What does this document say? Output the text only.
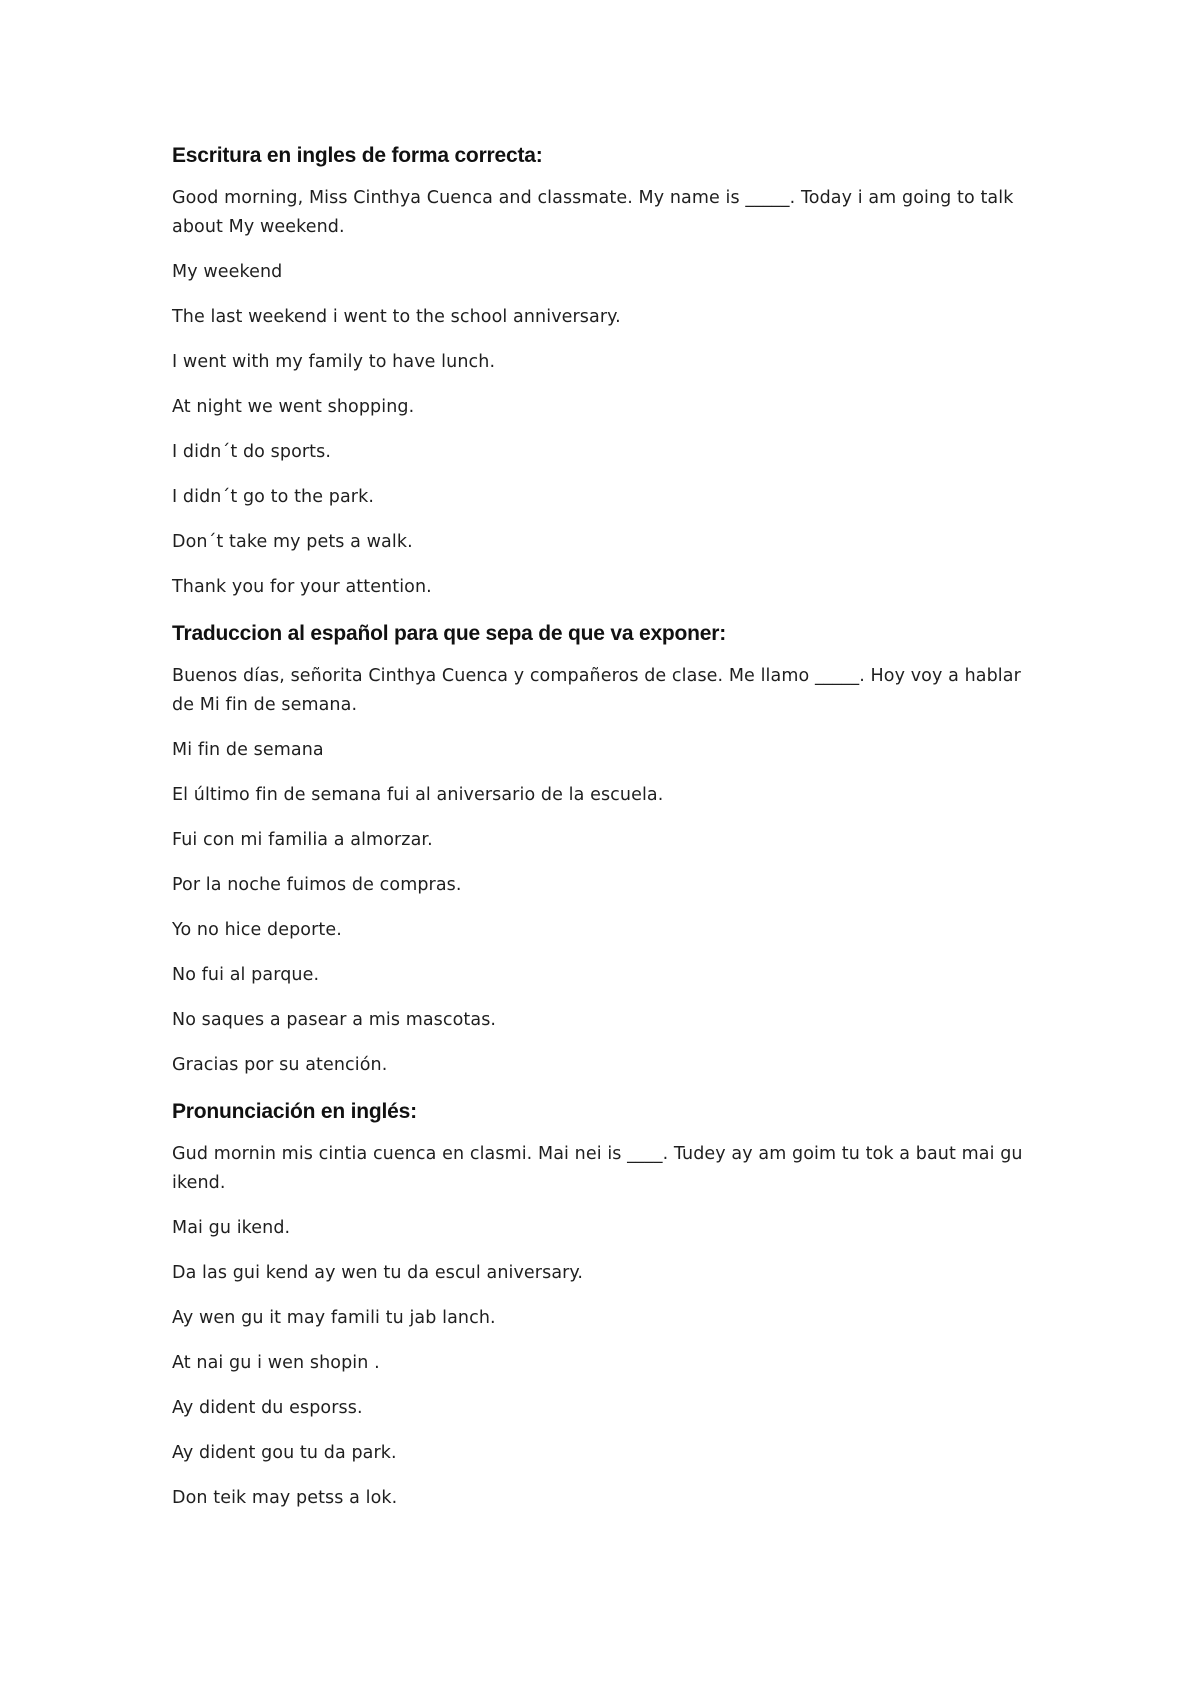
Escritura en ingles de forma correcta:

Good morning, Miss Cinthya Cuenca and classmate. My name is _____. Today i am going to talk about My weekend.

My weekend

The last weekend i went to the school anniversary.

I went with my family to have lunch.

At night we went shopping.

I didn´t do sports.

I didn´t go to the park.

Don´t take my pets a walk.

Thank you for your attention.

Traduccion al español para que sepa de que va exponer:

Buenos días, señorita Cinthya Cuenca y compañeros de clase. Me llamo _____. Hoy voy a hablar de Mi fin de semana.

Mi fin de semana

El último fin de semana fui al aniversario de la escuela.

Fui con mi familia a almorzar.

Por la noche fuimos de compras.

Yo no hice deporte.

No fui al parque.

No saques a pasear a mis mascotas.

Gracias por su atención.

Pronunciación en inglés:

Gud mornin mis cintia cuenca en clasmi. Mai nei is ____. Tudey ay am goim tu tok a baut mai gu ikend.

Mai gu ikend.

Da las gui kend ay wen tu da escul aniversary.

Ay wen gu it may famili tu jab lanch.

At nai gu i wen shopin .

Ay dident du esporss.

Ay dident gou tu da park.

Don teik may petss a lok.
